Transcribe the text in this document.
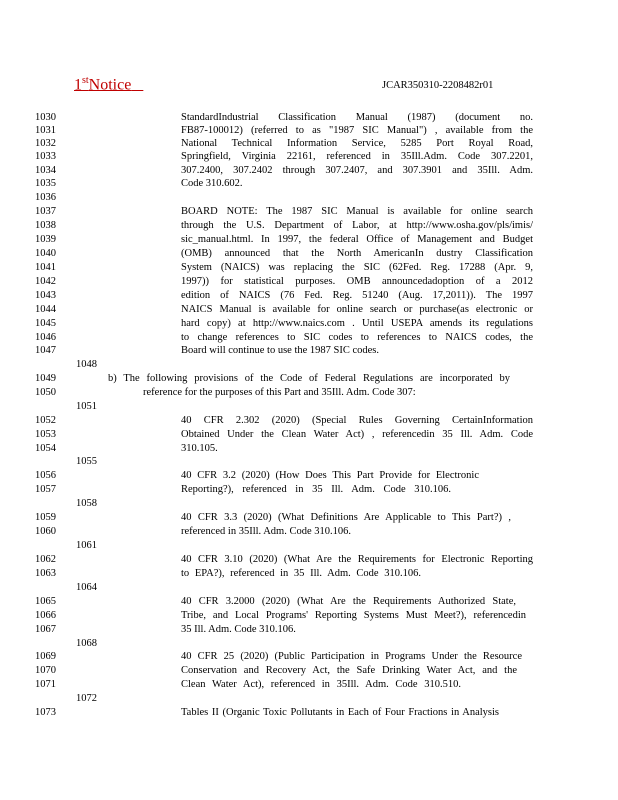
1stNotice	JCAR350310-2208482r01
1030
1031
1032
1033
1034
1035
1036
1037
1038
1039
1040
1041
1042
1043
1044
1045
1046
1047
1048
1049
1050
1051
1052
1053
1054
1055
1056
1057
1058
1059
1060
1061
1062
1063
1064
1065
1066
1067
1068
1069
1070
1071
1072
1073
StandardIndustrial Classification Manual (1987) (document no.
FB87-100012) (referred to as "1987 SIC Manual") , available from the
National Technical Information Service, 5285 Port Royal Road,
Springfield, Virginia 22161, referenced in 35Ill.Adm. Code 307.2201,
307.2400, 307.2402 through 307.2407, and 307.3901 and 35Ill. Adm.
Code 310.602.
BOARD NOTE: The 1987 SIC Manual is available for online search
through the U.S. Department of Labor, at http://www.osha.gov/pls/imis/
sic_manual.html. In 1997, the federal Office of Management and Budget
(OMB) announced that the North AmericanIn dustry Classification
System (NAICS) was replacing the SIC (62Fed. Reg. 17288 (Apr. 9,
1997)) for statistical purposes. OMB announcedadoption of a 2012
edition of NAICS (76 Fed. Reg. 51240 (Aug. 17,2011)). The 1997
NAICS Manual is available for online search or purchase(as electronic or
hard copy) at http://www.naics.com . Until USEPA amends its regulations
to change references to SIC codes to references to NAICS codes, the
Board will continue to use the 1987 SIC codes.
b) The following provisions of the Code of Federal Regulations are incorporated by
reference for the purposes of this Part and 35Ill. Adm. Code 307:
40 CFR 2.302 (2020) (Special Rules Governing CertainInformation
Obtained Under the Clean Water Act) , referencedin 35 Ill. Adm. Code
310.105.
40 CFR 3.2 (2020) (How Does This Part Provide for Electronic
Reporting?), referenced in 35 Ill. Adm. Code 310.106.
40 CFR 3.3 (2020) (What Definitions Are Applicable to This Part?) ,
referenced in 35Ill. Adm. Code 310.106.
40 CFR 3.10 (2020) (What Are the Requirements for Electronic Reporting
to EPA?), referenced in 35 Ill. Adm. Code 310.106.
40 CFR 3.2000 (2020) (What Are the Requirements Authorized State,
Tribe, and Local Programs' Reporting Systems Must Meet?), referencedin
35 Ill. Adm. Code 310.106.
40 CFR 25 (2020) (Public Participation in Programs Under the Resource
Conservation and Recovery Act, the Safe Drinking Water Act, and the
Clean Water Act), referenced in 35Ill. Adm. Code 310.510.
Tables II (Organic Toxic Pollutants in Each of Four Fractions in Analysis
